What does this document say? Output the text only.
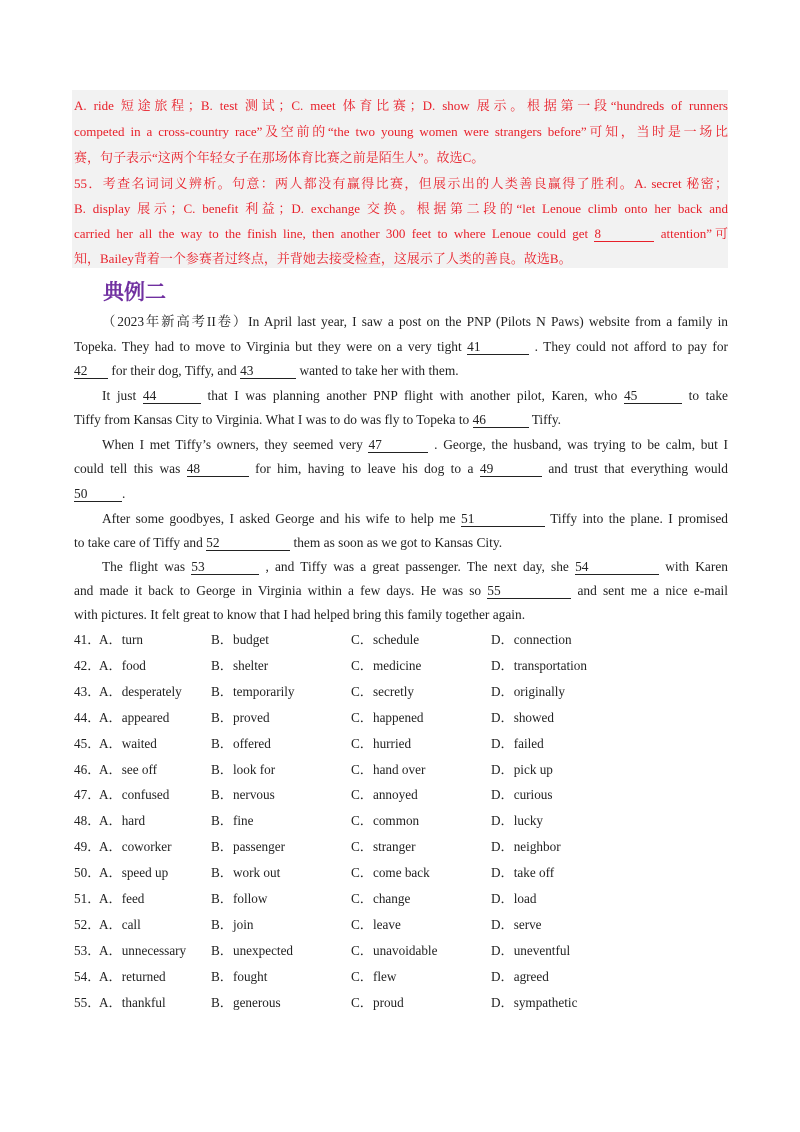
A. ride 短途旅程；B. test 测试；C. meet 体育比赛；D. show 展示。根据第一段“hundreds of runners
competed in a cross-country race”及空前的“the two young women were strangers before”可知，当时是一场比
赛，句子表示“这两个年轻女子在那场体育比赛之前是陌生人”。故选C。
55．考查名词词义辨析。句意：两人都没有赢得比赛，但展示出的人类善良赢得了胜利。A. secret 秘密；
B. display 展示；C. benefit 利益；D. exchange 交换。根据第二段的“let Lenoue climb onto her back and
carried her all the way to the finish line, then another 300 feet to where Lenoue could get 8	attention”可
知，Bailey背着一个参赛者过终点，并背她去接受检查，这展示了人类的善良。故选B。
典例二
（2023年新高考II卷）In April last year, I saw a post on the PNP (Pilots N Paws) website from a family in
Topeka. They had to move to Virginia but they were on a very tight 41	. They could not afford to pay for
42 for their dog, Tiffy, and 43	wanted to take her with them.
It just 44	that I was planning another PNP flight with another pilot, Karen, who 45	to take
Tiffy from Kansas City to Virginia. What I was to do was fly to Topeka to 46	Tiffy.
When I met Tiffy’s owners, they seemed very 47	. George, the husband, was trying to be calm, but I
could tell this was 48	for him, having to leave his dog to a 49	and trust that everything would
50	.
After some goodbyes, I asked George and his wife to help me 51	Tiffy into the plane. I promised
to take care of Tiffy and 52	them as soon as we got to Kansas City.
The flight was 53	, and Tiffy was a great passenger. The next day, she 54	with Karen
and made it back to George in Virginia within a few days. He was so 55	and sent me a nice e-mail
with pictures. It felt great to know that I had helped bring this family together again.
41．
A．turn	B．budget	C．schedule	D．connection
42．
A．food	B．shelter	C．medicine	D．transportation
43．
A．desperately B．temporarily	C．secretly	D．originally
44．
A．appeared	B．proved	C．happened	D．showed
45．
A．waited	B．offered	C．hurried	D．failed
46．
A．see off	B．look for	C．hand over	D．pick up
47．
A．confused	B．nervous	C．annoyed	D．curious
48．
A．hard	B．fine	C．common	D．lucky
49．
A．coworker	B．passenger	C．stranger	D．neighbor
50．
A．speed up	B．work out	C．come back	D．take off
51．
A．feed	B．follow	C．change	D．load
52．
A．call	B．join	C．leave	D．serve
53．
A．unnecessary B．unexpected	C．unavoidable	D．uneventful
54．
A．returned	B．fought	C．flew	D．agreed
55．
A．thankful	B．generous	C．proud	D．sympathetic
